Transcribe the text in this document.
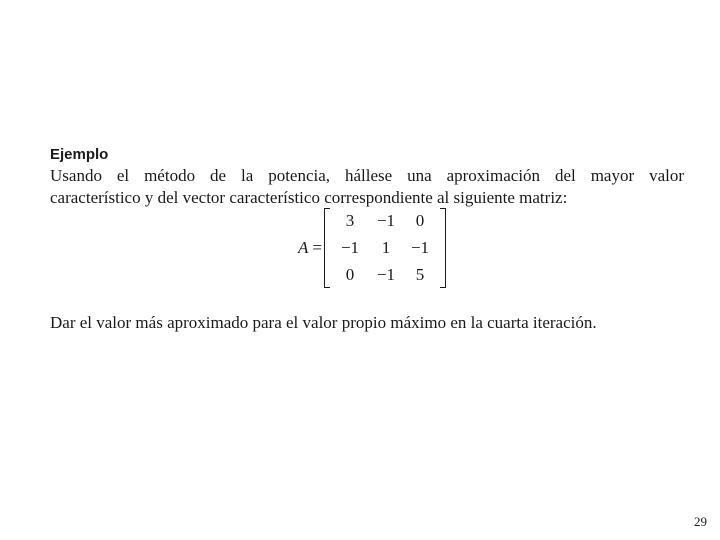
Ejemplo

Usando el método de la potencia, hállese una aproximación del mayor valor
característico y del vector característico correspondiente al siguiente matriz:

A =
3	−1	0
−1	1	−1
0	−1	5

Dar el valor más aproximado para el valor propio máximo en la cuarta iteración.

29
